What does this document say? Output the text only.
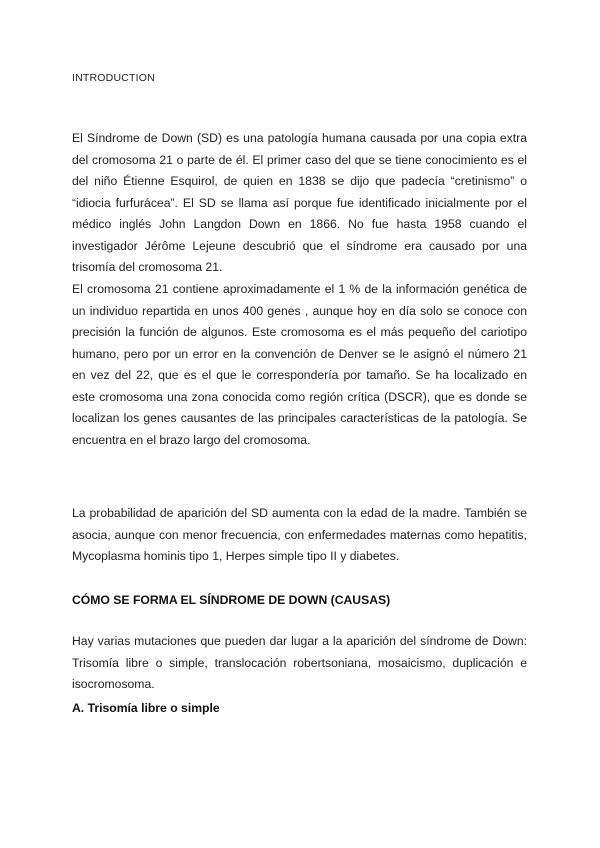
INTRODUCTION

El Síndrome de Down (SD) es una patología humana causada por una copia extra del cromosoma 21 o parte de él. El primer caso del que se tiene conocimiento es el del niño Étienne Esquirol, de quien en 1838 se dijo que padecía “cretinismo” o “idiocia furfurácea”. El SD se llama así porque fue identificado inicialmente por el médico inglés John Langdon Down en 1866. No fue hasta 1958 cuando el investigador Jérôme Lejeune descubrió que el síndrome era causado por una trisomía del cromosoma 21.

El cromosoma 21 contiene aproximadamente el 1 % de la información genética de un individuo repartida en unos 400 genes , aunque hoy en día solo se conoce con precisión la función de algunos. Este cromosoma es el más pequeño del cariotipo humano, pero por un error en la convención de Denver se le asignó el número 21 en vez del 22, que es el que le correspondería por tamaño. Se ha localizado en este cromosoma una zona conocida como región crítica (DSCR), que es donde se localizan los genes causantes de las principales características de la patología. Se encuentra en el brazo largo del cromosoma.

La probabilidad de aparición del SD aumenta con la edad de la madre. También se asocia, aunque con menor frecuencia, con enfermedades maternas como hepatitis, Mycoplasma hominis tipo 1, Herpes simple tipo II y diabetes.

CÓMO SE FORMA EL SÍNDROME DE DOWN (CAUSAS)

Hay varias mutaciones que pueden dar lugar a la aparición del síndrome de Down: Trisomía libre o simple, translocación robertsoniana, mosaicismo, duplicación e isocromosoma.

A. Trisomía libre o simple
